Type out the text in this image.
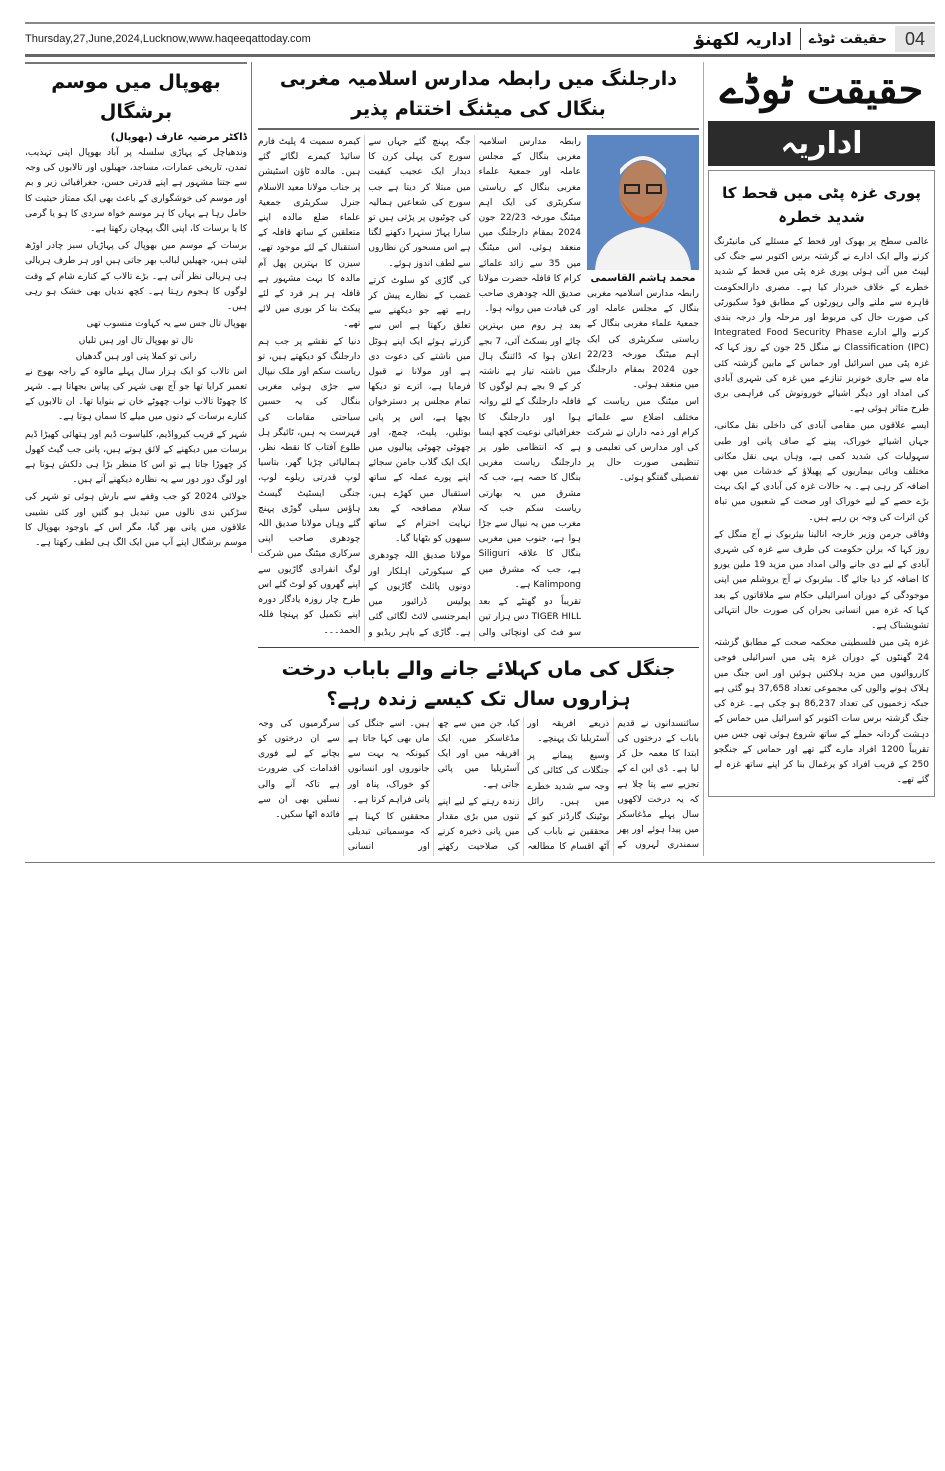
Thursday,27,June,2024,Lucknow,www.haqeeqattoday.com	اداریہ لکھنؤ حقیقت ٹوڈے 04
بھوپال میں موسم برشگال
ڈاکٹر مرضیہ عارف (بھوپال)

وندھیاچل کے پہاڑی سلسلہ پر آباد بھوپال اپنی تہذیب، تمدن، تاریخی عمارات، مساجد، جھیلوں اور تالابوں کی وجہ سے جتنا مشہور ہے اپنے قدرتی حسن، جغرافیائی زیر و بم اور موسم کی خوشگواری کے باعث بھی ایک ممتاز حیثیت کا حامل رہا ہے یہاں کا ہر موسم خواہ سردی کا ہو یا گرمی کا یا برسات کا، اپنی الگ پہچان رکھتا ہے۔

برسات کے موسم میں بھوپال کی پہاڑیاں سبز چادر اوڑھ لیتی ہیں، جھیلیں لبالب بھر جاتی ہیں اور ہر طرف ہریالی ہی ہریالی نظر آتی ہے۔ بڑے تالاب کے کنارے شام کے وقت لوگوں کا ہجوم رہتا ہے۔ کچھ ندیاں بھی خشک ہو رہی ہیں۔

بھوپال تال جس سے یہ کہاوت منسوب تھی

تال تو بھوپال تال اور ہیں تلیاں
رانی تو کملا پتی اور ہیں گدھیاں

اس تالاب کو ایک ہزار سال پہلے مالوہ کے راجہ بھوج نے تعمیر کرایا تھا جو آج بھی شہر کی پیاس بجھاتا ہے۔ شہر کا چھوٹا تالاب نواب چھوٹے خان نے بنوایا تھا۔ ان تالابوں کے کنارے برسات کے دنوں میں میلے کا سماں ہوتا ہے۔

شہر کے قریب کیرواڈیم، کلیاسوت ڈیم اور ہتھائی کھیڑا ڈیم برسات میں دیکھنے کے لائق ہوتے ہیں، پانی جب گیٹ کھول کر چھوڑا جاتا ہے تو اس کا منظر بڑا ہی دلکش ہوتا ہے اور لوگ دور دور سے یہ نظارہ دیکھنے آتے ہیں۔

جولائی 2024 کو جب وقفے سے بارش ہوئی تو شہر کی سڑکیں ندی نالوں میں تبدیل ہو گئیں اور کئی نشیبی علاقوں میں پانی بھر گیا، مگر اس کے باوجود بھوپال کا موسم برشگال اپنے آپ میں ایک الگ ہی لطف رکھتا ہے۔

دارجلنگ میں رابطہ مدارس اسلامیہ مغربی بنگال کی میٹنگ اختتام پذیر

رابطہ مدارس اسلامیہ مغربی بنگال کے مجلس عاملہ اور جمعیۃ علماء مغربی بنگال کے ریاستی سکریٹری کی ایک اہم میٹنگ مورخہ 22/23 جون 2024 بمقام دارجلنگ میں منعقد ہوئی، اس میٹنگ میں 35 سے زائد علمائے کرام کا قافلہ حضرت مولانا صدیق اللہ چودھری صاحب کی قیادت میں روانہ ہوا۔

بعد ہر روم میں بہترین چائے اور بسکٹ آئی، 7 بجے اعلان ہوا کہ ڈائننگ ہال میں ناشتہ تیار ہے ناشتہ کر کے 9 بجے ہم لوگوں کا قافلہ دارجلنگ کے لئے روانہ ہوا اور دارجلنگ کا جغرافیائی نوعیت کچھ ایسا ہے کہ انتظامی طور پر دارجلنگ ریاست مغربی بنگال کا حصہ ہے، جب کہ مشرق میں یہ بھارتی ریاست سکم جب کہ مغرب میں یہ نیپال سے جڑا ہوا ہے، جنوب میں مغربی بنگال کا علاقہ Siliguri ہے، جب کہ مشرق میں Kalimpong ہے۔

تقریباً دو گھنٹے کے بعد TIGER HILL دس ہزار تین سو فٹ کی اونچائی والی جگہ پہنچ گئے جہاں سے سورج کی پہلی کرن کا دیدار ایک عجیب کیفیت میں مبتلا کر دیتا ہے جب سورج کی شعاعیں ہمالیہ کی چوٹیوں پر پڑتی ہیں تو سارا پہاڑ سنہرا دکھنے لگتا ہے اس مسحور کن نظاروں سے لطف اندوز ہوئے۔

کی گاڑی کو سلوٹ کرتے غضب کے نظارے پیش کر رہے تھے جو دیکھنے سے تعلق رکھتا ہے اس سے گزرتے ہوئے ایک اپنے ہوٹل میں ناشتے کی دعوت دی ہے اور مولانا نے قبول فرمایا ہے، اترے تو دیکھا تمام مجلس پر دسترخوان بچھا ہے، اس پر پانی بوتلیں، پلیٹ، چمچ، اور چھوٹی چھوٹی پیالیوں میں ایک ایک گلاب جامن سجائے اپنے پورے عملہ کے ساتھ استقبال میں کھڑے ہیں، سلام مصافحہ کے بعد نہایت احترام کے ساتھ سبھوں کو بٹھایا گیا۔

مولانا صدیق اللہ چودھری کے سیکورٹی اہلکار اور دونوں پائلٹ گاڑیوں کے پولیس ڈرائیور میں ایمرجنسی لائٹ لگائی گئی ہے۔ گاڑی کے باہر ریڈیو و کیمرہ سمیت 4 پلیٹ فارم سائیڈ کیمرے لگائے گئے ہیں۔ مالدہ ٹاؤن اسٹیشن پر جناب مولانا معید الاسلام جنرل سکریٹری جمعیۃ علماء ضلع مالدہ اپنے متعلقین کے ساتھ قافلہ کے استقبال کے لئے موجود تھے، سیزن کا بہترین پھل آم مالدہ کا بہت مشہور ہے قافلہ ہر ہر فرد کے لئے پیکٹ بنا کر بوری میں لائے تھے۔

دنیا کے نقشے پر جب ہم دارجلنگ کو دیکھتے ہیں، تو ریاست سکم اور ملک نیپال سے جڑی ہوئی مغربی بنگال کی یہ حسین سیاحتی مقامات کی فہرست یہ ہیں، ٹائیگر ہل طلوع آفتاب کا نقطہ نظر، ہمالیائی چڑیا گھر، بتاسیا لوپ قدرتی ریلوے لوپ، جنگی ایسٹیٹ گیسٹ ہاؤس سیلی گوڑی پہنچ گئے وہاں مولانا صدیق اللہ چودھری صاحب اپنی سرکاری میٹنگ میں شرکت لوگ انفرادی گاڑیوں سے اپنے گھروں کو لوٹ گئے اس طرح چار روزہ یادگار دورہ اپنے تکمیل کو پہنچا فللہ الحمد۔۔۔

محمد ہاشم القاسمی

رابطہ مدارس اسلامیہ مغربی بنگال کے مجلس عاملہ اور جمعیۃ علماء مغربی بنگال کے ریاستی سکریٹری کی ایک اہم میٹنگ مورخہ 22/23 جون 2024 بمقام دارجلنگ میں منعقد ہوئی۔

اس میٹنگ میں ریاست کے مختلف اضلاع سے علمائے کرام اور ذمہ داران نے شرکت کی اور مدارس کی تعلیمی و تنظیمی صورت حال پر تفصیلی گفتگو ہوئی۔

جنگل کی ماں کہلائے جانے والے باباب درخت ہزاروں سال تک کیسے زندہ رہے؟

سائنسدانوں نے قدیم باباب کے درختوں کی ابتدا کا معمہ حل کر لیا ہے۔ ڈی این اے کے تجزیے سے پتا چلا ہے کہ یہ درخت لاکھوں سال پہلے مڈغاسکر میں پیدا ہوئے اور پھر سمندری لہروں کے ذریعے افریقہ اور آسٹریلیا تک پہنچے۔

وسیع پیمانے پر جنگلات کی کٹائی کی وجہ سے شدید خطرے میں ہیں۔ رائل بوٹینک گارڈنز کیو کے محققین نے باباب کی آٹھ اقسام کا مطالعہ کیا، جن میں سے چھ مڈغاسکر میں، ایک افریقہ میں اور ایک آسٹریلیا میں پائی جاتی ہے۔

زندہ رہنے کے لیے اپنے تنوں میں بڑی مقدار میں پانی ذخیرہ کرنے کی صلاحیت رکھتے ہیں۔ اسے جنگل کی ماں بھی کہا جاتا ہے کیونکہ یہ بہت سے جانوروں اور انسانوں کو خوراک، پناہ اور پانی فراہم کرتا ہے۔

محققین کا کہنا ہے کہ موسمیاتی تبدیلی اور انسانی سرگرمیوں کی وجہ سے ان درختوں کو بچانے کے لیے فوری اقدامات کی ضرورت ہے تاکہ آنے والی نسلیں بھی ان سے فائدہ اٹھا سکیں۔

حقیقت ٹوڈے
اداریہ
پوری غزہ پٹی میں قحط کا شدید خطرہ

عالمی سطح پر بھوک اور قحط کے مسئلے کی مانیٹرنگ کرنے والے ایک ادارے نے گزشتہ برس اکتوبر سے جنگ کی لپیٹ میں آئی ہوئی پوری غزہ پٹی میں قحط کے شدید خطرے کے خلاف خبردار کیا ہے۔ مصری دارالحکومت قاہرہ سے ملنے والی رپورٹوں کے مطابق فوڈ سکیورٹی کی صورت حال کی مربوط اور مرحلہ وار درجہ بندی کرنے والے ادارے Integrated Food Security Phase Classification (IPC) نے منگل 25 جون کے روز کہا کہ غزہ پٹی میں اسرائیل اور حماس کے مابین گزشتہ کئی ماہ سے جاری خونریز تنازعے میں غزہ کی شہری آبادی کی امداد اور دیگر اشیائے خورونوش کی فراہمی بری طرح متاثر ہوئی ہے۔

ایسے علاقوں میں مقامی آبادی کی داخلی نقل مکانی، جہاں اشیائے خوراک، پینے کے صاف پانی اور طبی سہولیات کی شدید کمی ہے، وہاں یہی نقل مکانی مختلف وبائی بیماریوں کے پھیلاؤ کے خدشات میں بھی اضافہ کر رہی ہے۔ یہ حالات غزہ کی آبادی کے ایک بہت بڑے حصے کے لیے خوراک اور صحت کے شعبوں میں تباہ کن اثرات کی وجہ بن رہے ہیں۔

وفاقی جرمن وزیر خارجہ انالینا بیئربوک نے آج منگل کے روز کہا کہ برلن حکومت کی طرف سے غزہ کی شہری آبادی کے لیے دی جانے والی امداد میں مزید 19 ملین یورو کا اضافہ کر دیا جائے گا۔ بیئربوک نے آج یروشلم میں اپنی موجودگی کے دوران اسرائیلی حکام سے ملاقاتوں کے بعد کہا کہ غزہ میں انسانی بحران کی صورت حال انتہائی تشویشناک ہے۔

غزہ پٹی میں فلسطینی محکمہ صحت کے مطابق گزشتہ 24 گھنٹوں کے دوران غزہ پٹی میں اسرائیلی فوجی کارروائیوں میں مزید ہلاکتیں ہوئیں اور اس جنگ میں ہلاک ہونے والوں کی مجموعی تعداد 37,658 ہو گئی ہے جبکہ زخمیوں کی تعداد 86,237 ہو چکی ہے۔ غزہ کی جنگ گزشتہ برس سات اکتوبر کو اسرائیل میں حماس کے دہشت گردانہ حملے کے ساتھ شروع ہوئی تھی جس میں تقریباً 1200 افراد مارے گئے تھے اور حماس کے جنگجو 250 کے قریب افراد کو یرغمال بنا کر اپنے ساتھ غزہ لے گئے تھے۔
